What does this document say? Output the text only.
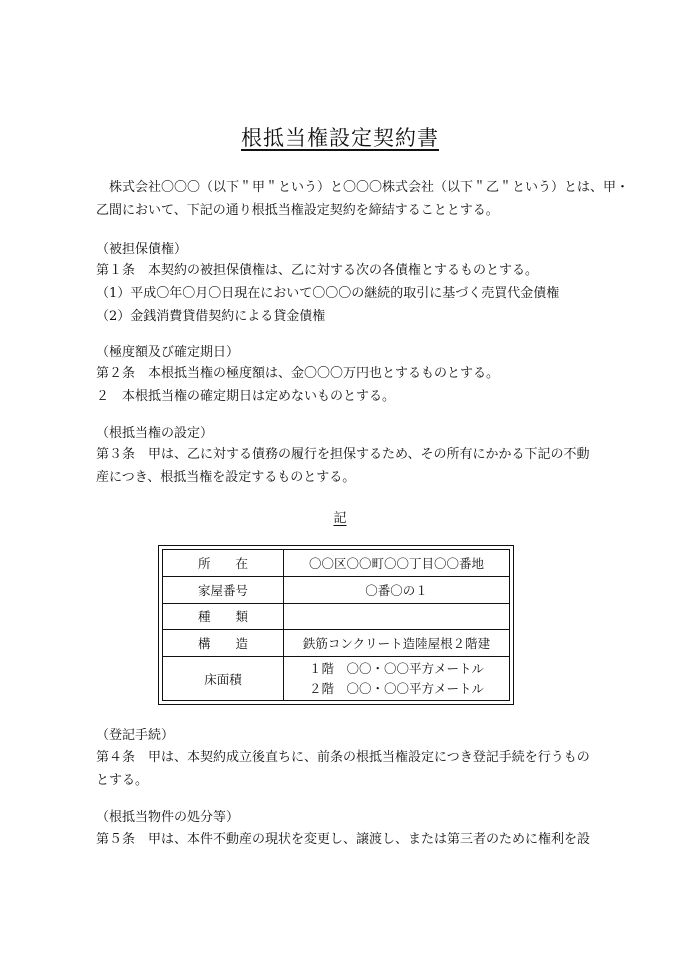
根抵当権設定契約書

株式会社〇〇〇（以下＂甲＂という）と〇〇〇株式会社（以下＂乙＂という）とは、甲・

乙間において、下記の通り根抵当権設定契約を締結することとする。

（被担保債権）

第１条　本契約の被担保債権は、乙に対する次の各債権とするものとする。

（1）平成〇年〇月〇日現在において〇〇〇の継続的取引に基づく売買代金債権

（2）金銭消費貸借契約による貸金債権

（極度額及び確定期日）

第２条　本根抵当権の極度額は、金〇〇〇万円也とするものとする。

２　本根抵当権の確定期日は定めないものとする。

（根抵当権の設定）

第３条　甲は、乙に対する債務の履行を担保するため、その所有にかかる下記の不動

産につき、根抵当権を設定するものとする。

記
所　　在	〇〇区〇〇町〇〇丁目〇〇番地
家屋番号	〇番〇の１
種　　類	
構　　造	鉄筋コンクリート造陸屋根２階建
床面積	１階　〇〇・〇〇平方メートル
２階　〇〇・〇〇平方メートル
（登記手続）

第４条　甲は、本契約成立後直ちに、前条の根抵当権設定につき登記手続を行うもの

とする。

（根抵当物件の処分等）

第５条　甲は、本件不動産の現状を変更し、譲渡し、または第三者のために権利を設
